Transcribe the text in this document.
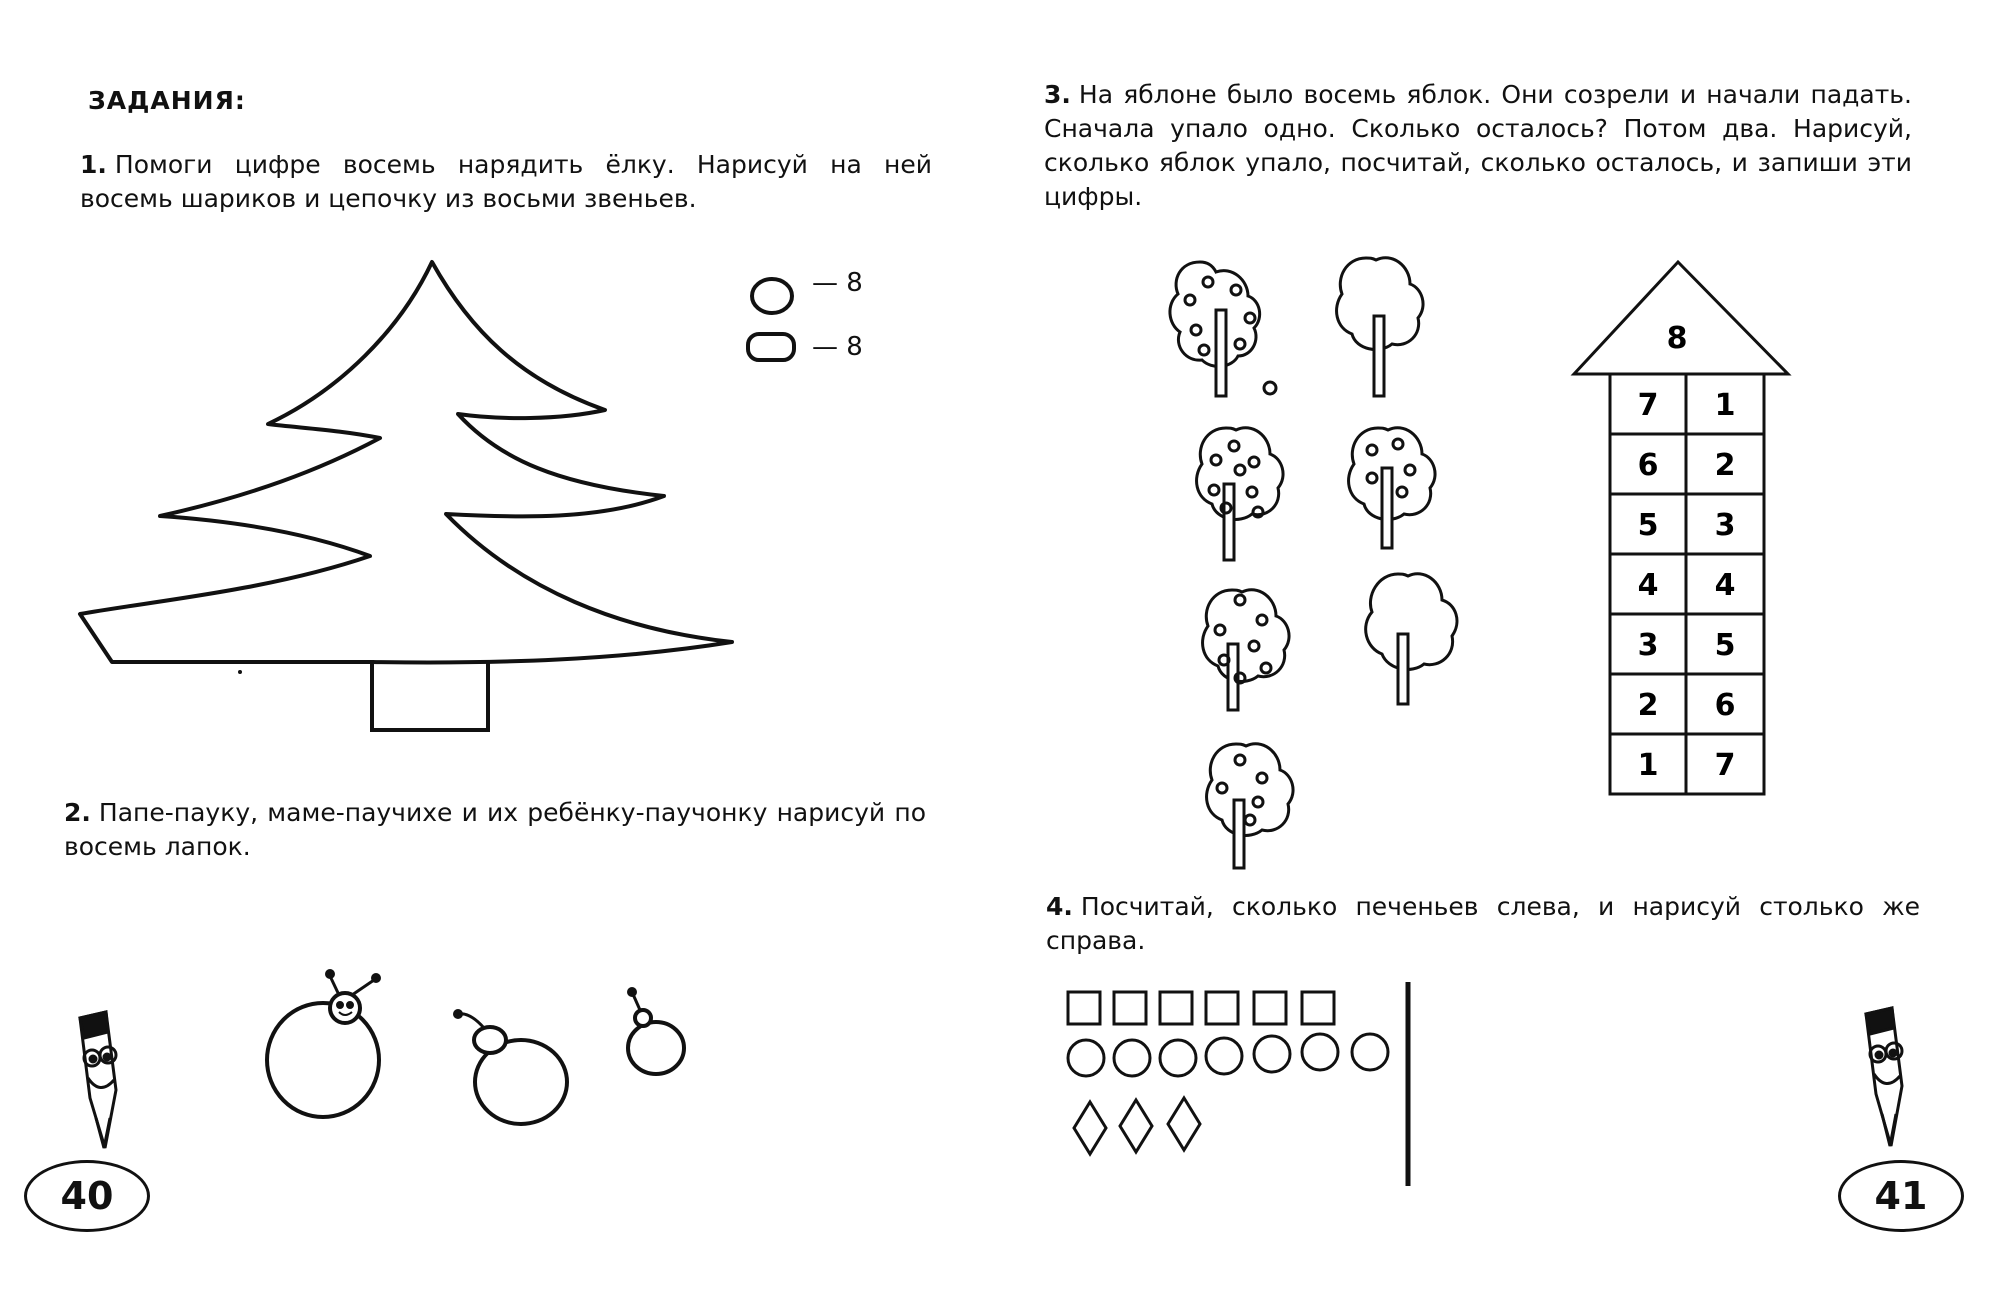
ЗАДАНИЯ:
1. Помоги цифре восемь нарядить ёлку. Нарисуй на ней восемь шариков и цепочку из восьми звеньев.
— 8
— 8
2. Папе-пауку, маме-паучихе и их ребёнку-паучонку нарисуй по восемь лапок.
40
3. На яблоне было восемь яблок. Они созрели и начали падать. Сначала упало одно. Сколько осталось? Потом два. Нарисуй, сколько яблок упало, посчитай, сколько осталось, и запиши эти цифры.
8
7 1
6 2
5 3
4 4
3 5
2 6
1 7
4. Посчитай, сколько печеньев слева, и нарисуй столько же справа.
41
